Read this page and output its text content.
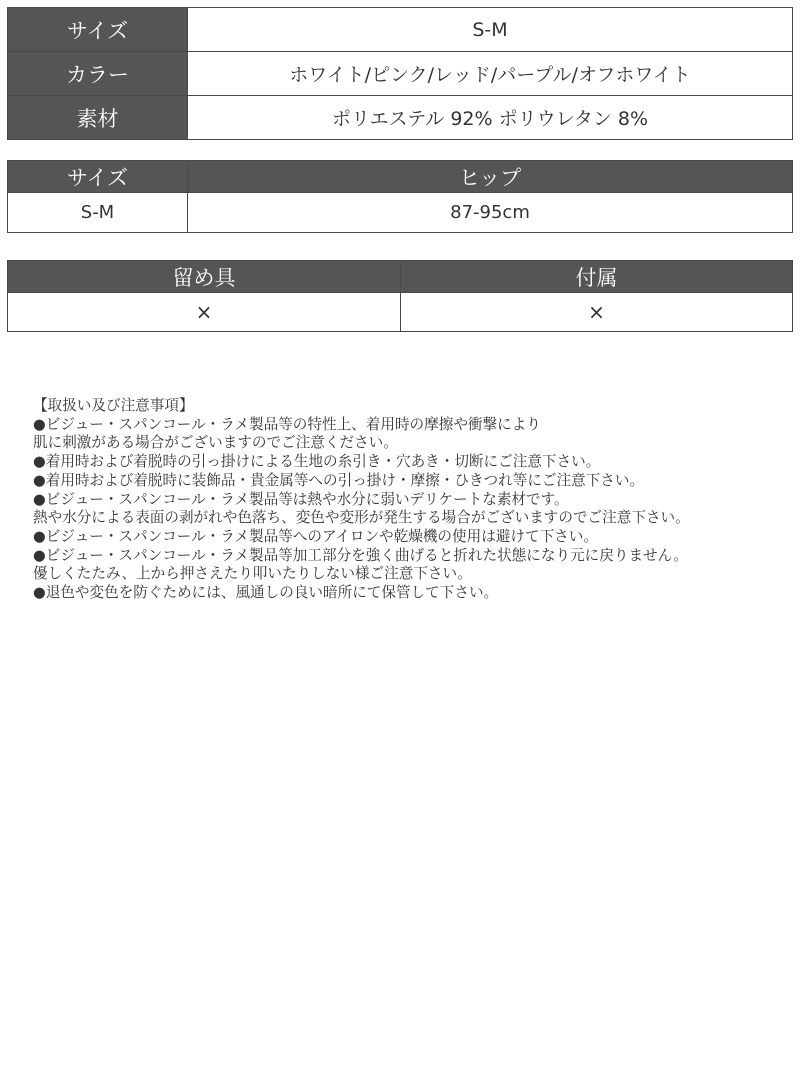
サイズ	S-M
カラー	ホワイト/ピンク/レッド/パープル/オフホワイト
素材	ポリエステル 92% ポリウレタン 8%
サイズ	ヒップ
S-M	87-95cm
留め具	付属
×	×
【取扱い及び注意事項】
●ビジュー・スパンコール・ラメ製品等の特性上、着用時の摩擦や衝撃により
肌に刺激がある場合がございますのでご注意ください。
●着用時および着脱時の引っ掛けによる生地の糸引き・穴あき・切断にご注意下さい。
●着用時および着脱時に装飾品・貴金属等への引っ掛け・摩擦・ひきつれ等にご注意下さい。
●ビジュー・スパンコール・ラメ製品等は熱や水分に弱いデリケートな素材です。
熱や水分による表面の剥がれや色落ち、変色や変形が発生する場合がございますのでご注意下さい。
●ビジュー・スパンコール・ラメ製品等へのアイロンや乾燥機の使用は避けて下さい。
●ビジュー・スパンコール・ラメ製品等加工部分を強く曲げると折れた状態になり元に戻りません。
優しくたたみ、上から押さえたり叩いたりしない様ご注意下さい。
●退色や変色を防ぐためには、風通しの良い暗所にて保管して下さい。
